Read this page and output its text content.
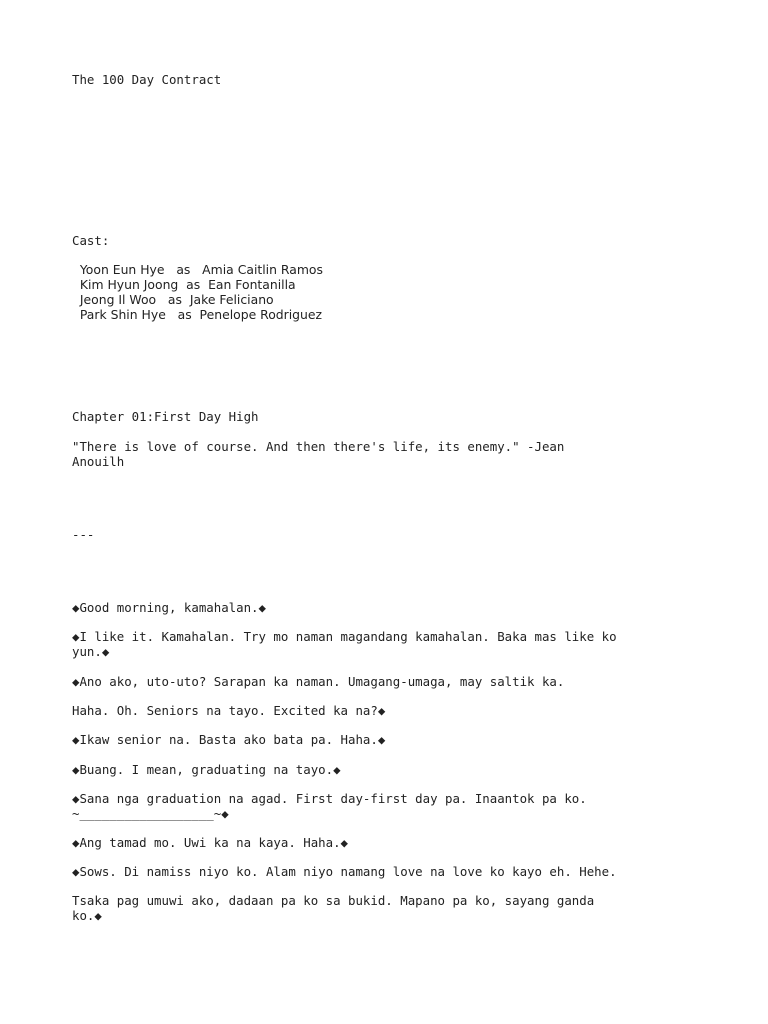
The 100 Day Contract
Cast:
Yoon Eun Hye   as   Amia Caitlin Ramos
Kim Hyun Joong  as  Ean Fontanilla
Jeong Il Woo   as  Jake Feliciano
Park Shin Hye   as  Penelope Rodriguez
Chapter 01:First Day High
"There is love of course. And then there's life, its enemy." -Jean
Anouilh
---
◆Good morning, kamahalan.◆
◆I like it. Kamahalan. Try mo naman magandang kamahalan. Baka mas like ko
yun.◆
◆Ano ako, uto-uto? Sarapan ka naman. Umagang-umaga, may saltik ka.
Haha. Oh. Seniors na tayo. Excited ka na?◆
◆Ikaw senior na. Basta ako bata pa. Haha.◆
◆Buang. I mean, graduating na tayo.◆
◆Sana nga graduation na agad. First day-first day pa. Inaantok pa ko.
~__________________~◆
◆Ang tamad mo. Uwi ka na kaya. Haha.◆
◆Sows. Di namiss niyo ko. Alam niyo namang love na love ko kayo eh. Hehe.
Tsaka pag umuwi ako, dadaan pa ko sa bukid. Mapano pa ko, sayang ganda
ko.◆
